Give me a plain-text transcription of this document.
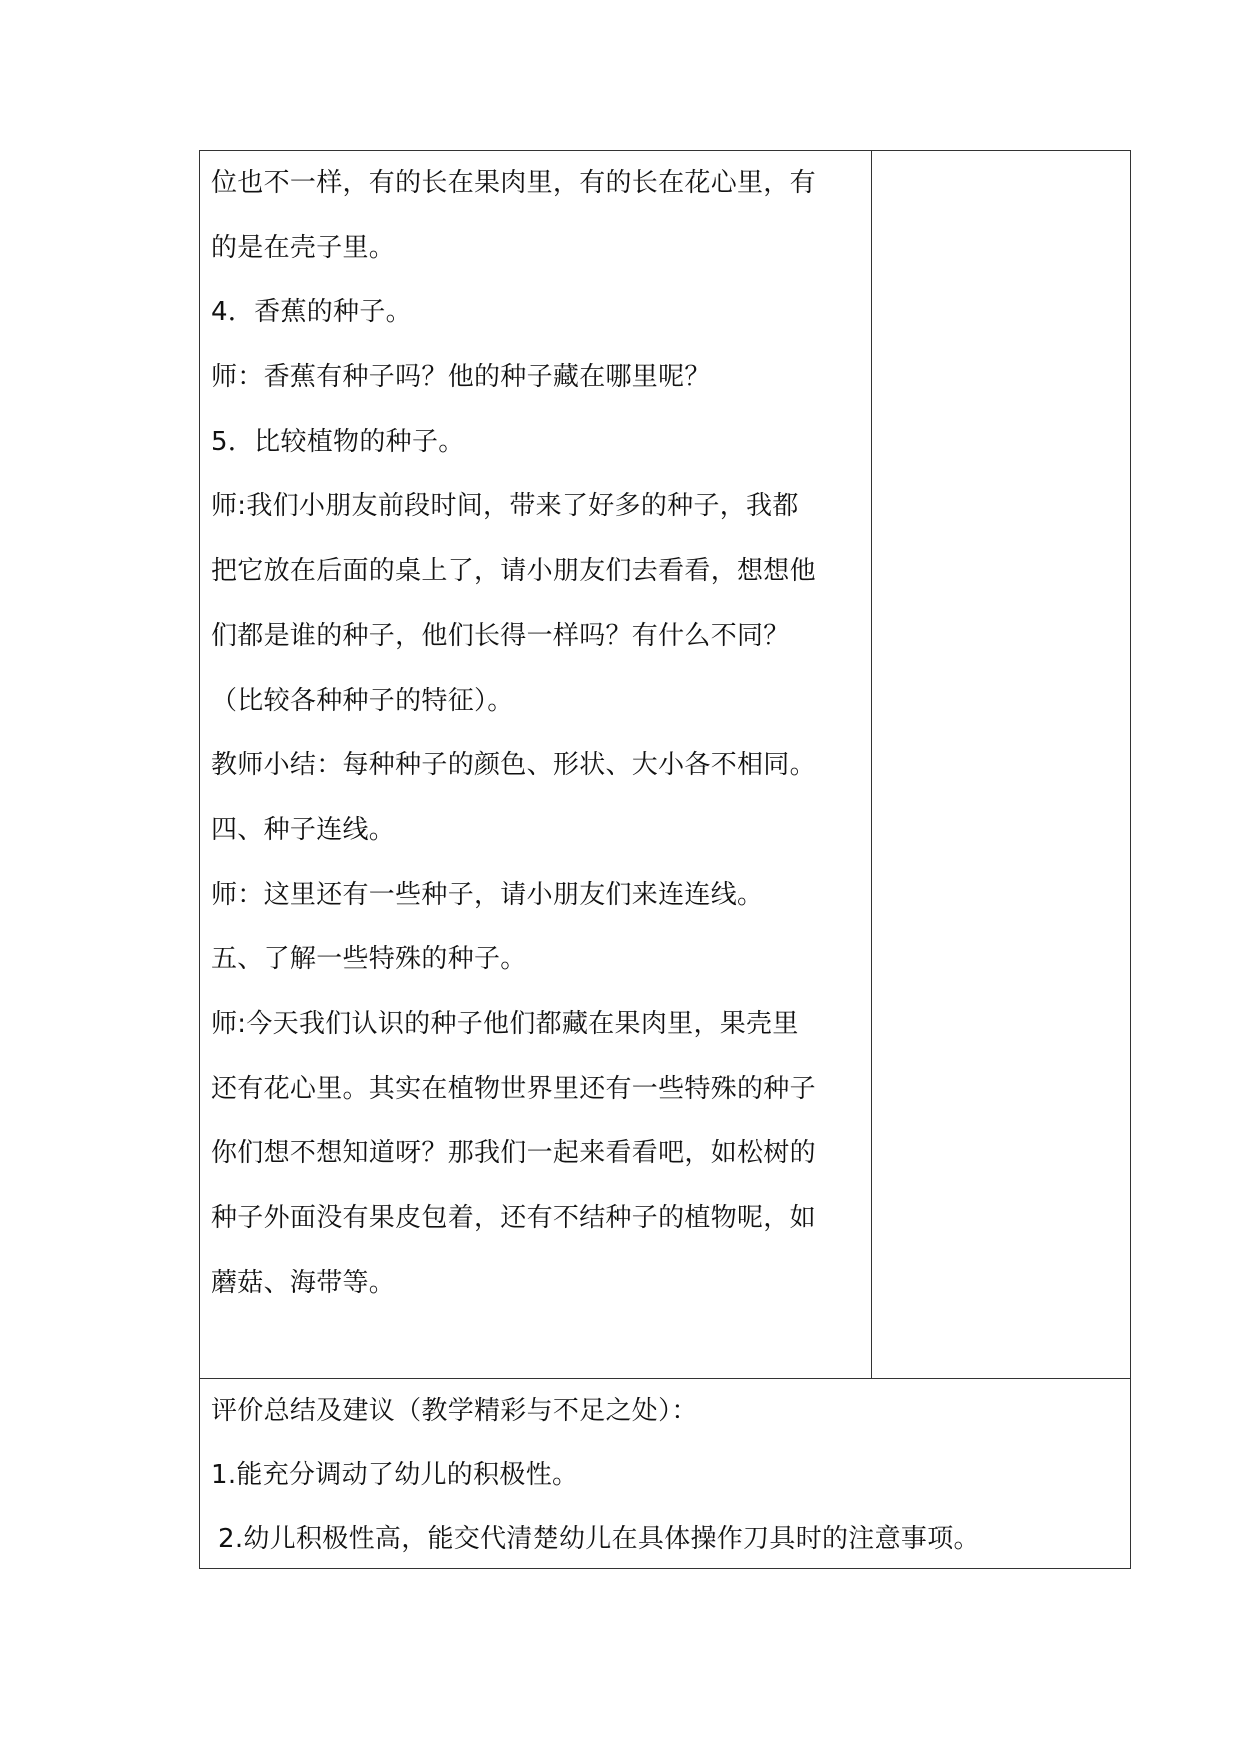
位也不一样，有的长在果肉里，有的长在花心里，有
的是在壳子里。
4．香蕉的种子。
师：香蕉有种子吗？他的种子藏在哪里呢？
5．比较植物的种子。
师:我们小朋友前段时间，带来了好多的种子，我都
把它放在后面的桌上了，请小朋友们去看看，想想他
们都是谁的种子，他们长得一样吗？有什么不同？
（比较各种种子的特征）。
教师小结：每种种子的颜色、形状、大小各不相同。
四、种子连线。
师：这里还有一些种子，请小朋友们来连连线。
五、了解一些特殊的种子。
师:今天我们认识的种子他们都藏在果肉里，果壳里
还有花心里。其实在植物世界里还有一些特殊的种子
你们想不想知道呀？那我们一起来看看吧，如松树的
种子外面没有果皮包着，还有不结种子的植物呢，如
蘑菇、海带等。
评价总结及建议（教学精彩与不足之处）：
1.能充分调动了幼儿的积极性。
2.幼儿积极性高，能交代清楚幼儿在具体操作刀具时的注意事项。
